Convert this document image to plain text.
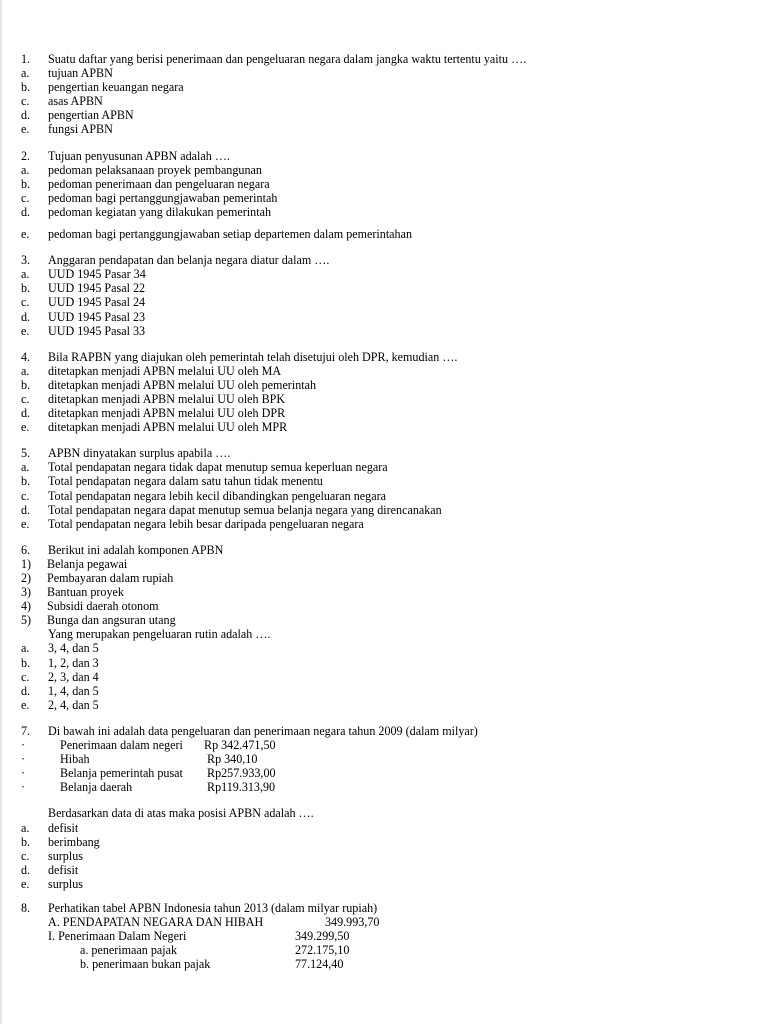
1. Suatu daftar yang berisi penerimaan dan pengeluaran negara dalam jangka waktu tertentu yaitu ….
a. tujuan APBN
b. pengertian keuangan negara
c. asas APBN
d. pengertian APBN
e. fungsi APBN
2. Tujuan penyusunan APBN adalah ….
a. pedoman pelaksanaan proyek pembangunan
b. pedoman penerimaan dan pengeluaran negara
c. pedoman bagi pertanggungjawaban pemerintah
d. pedoman kegiatan yang dilakukan pemerintah
e. pedoman bagi pertanggungjawaban setiap departemen dalam pemerintahan
3. Anggaran pendapatan dan belanja negara diatur dalam ….
a. UUD 1945 Pasar 34
b. UUD 1945 Pasal 22
c. UUD 1945 Pasal 24
d. UUD 1945 Pasal 23
e. UUD 1945 Pasal 33
4. Bila RAPBN yang diajukan oleh pemerintah telah disetujui oleh DPR, kemudian ….
a. ditetapkan menjadi APBN melalui UU oleh MA
b. ditetapkan menjadi APBN melalui UU oleh pemerintah
c. ditetapkan menjadi APBN melalui UU oleh BPK
d. ditetapkan menjadi APBN melalui UU oleh DPR
e. ditetapkan menjadi APBN melalui UU oleh MPR
5. APBN dinyatakan surplus apabila ….
a. Total pendapatan negara tidak dapat menutup semua keperluan negara
b. Total pendapatan negara dalam satu tahun tidak menentu
c. Total pendapatan negara lebih kecil dibandingkan pengeluaran negara
d. Total pendapatan negara dapat menutup semua belanja negara yang direncanakan
e. Total pendapatan negara lebih besar daripada pengeluaran negara
6. Berikut ini adalah komponen APBN
1) Belanja pegawai
2) Pembayaran dalam rupiah
3) Bantuan proyek
4) Subsidi daerah otonom
5) Bunga dan angsuran utang
Yang merupakan pengeluaran rutin adalah ….
a. 3, 4, dan 5
b. 1, 2, dan 3
c. 2, 3, dan 4
d. 1, 4, dan 5
e. 2, 4, dan 5
7. Di bawah ini adalah data pengeluaran dan penerimaan negara tahun 2009 (dalam milyar)
·	Penerimaan dalam negeri Rp 342.471,50
·	Hibah	Rp 340,10
·	Belanja pemerintah pusat Rp257.933,00
·	Belanja daerah	Rp119.313,90
Berdasarkan data di atas maka posisi APBN adalah ….
a. defisit
b. berimbang
c. surplus
d. defisit
e. surplus
8. Perhatikan tabel APBN Indonesia tahun 2013 (dalam milyar rupiah)
A. PENDAPATAN NEGARA DAN HIBAH	349.993,70
I. Penerimaan Dalam Negeri	349.299,50
a. penerimaan pajak	272.175,10
b. penerimaan bukan pajak	77.124,40
